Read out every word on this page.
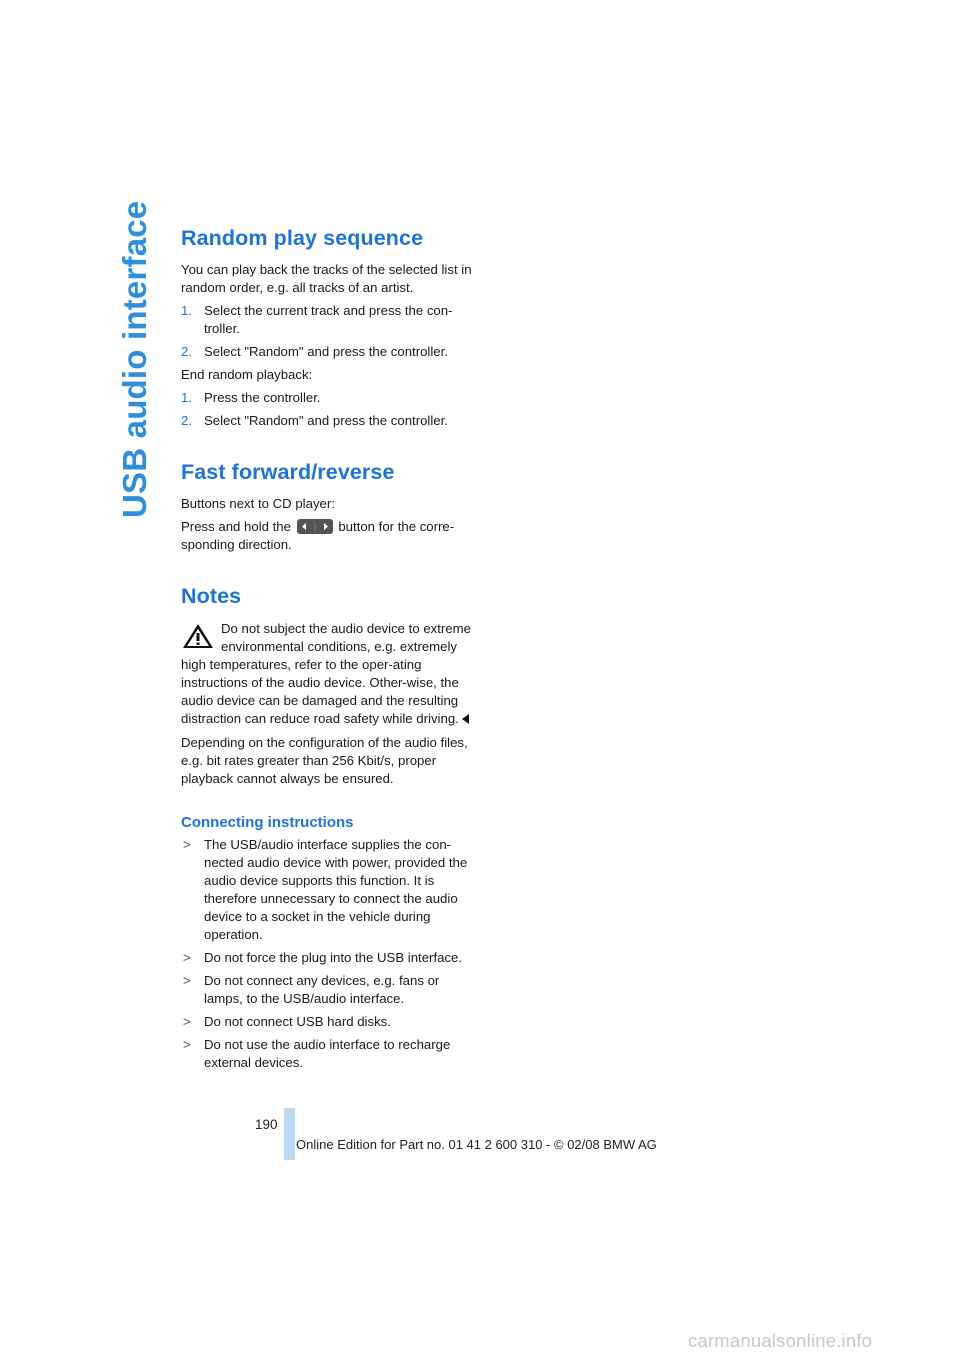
USB audio interface Random play sequence

You can play back the tracks of the selected list in random order, e.g. all tracks of an artist.

1. Select the current track and press the con-troller.
2. Select "Random" and press the controller.

End random playback:

1. Press the controller.
2. Select "Random" and press the controller.
Fast forward/reverse

Buttons next to CD player:

Press and hold the	button for the corre-sponding direction.

Notes
Do not subject the audio device to extreme environmental conditions, e.g. extremely high temperatures, refer to the oper-ating instructions of the audio device. Other-wise, the audio device can be damaged and the resulting distraction can reduce road safety while driving.

Depending on the configuration of the audio files, e.g. bit rates greater than 256 Kbit/s, proper playback cannot always be ensured.

Connecting instructions
> The USB/audio interface supplies the con-nected audio device with power, provided the audio device supports this function. It is therefore unnecessary to connect the audio device to a socket in the vehicle during operation.
> Do not force the plug into the USB interface.
> Do not connect any devices, e.g. fans or lamps, to the USB/audio interface.
> Do not connect USB hard disks.
> Do not use the audio interface to recharge external devices.
190
Online Edition for Part no. 01 41 2 600 310 - © 02/08 BMW AG
carmanualsonline.info
